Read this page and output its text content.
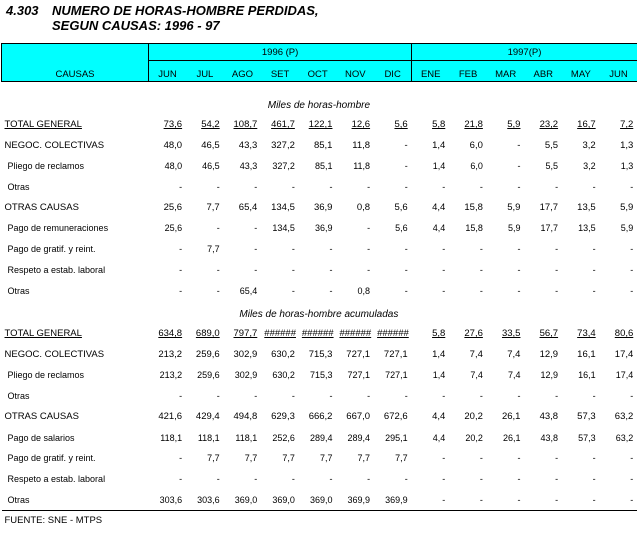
4.303 NUMERO DE HORAS-HOMBRE PERDIDAS,
SEGUN CAUSAS: 1996 - 97
CAUSAS	1996 (P)							1997(P)					
	JUN	JUL	AGO	SET	OCT	NOV	DIC	ENE	FEB	MAR	ABR	MAY	JUN

Miles de horas-hombre													
TOTAL GENERAL	73,6	54,2	108,7	461,7	122,1	12,6	5,6	5,8	21,8	5,9	23,2	16,7	7,2
NEGOC. COLECTIVAS	48,0	46,5	43,3	327,2	85,1	11,8	-	1,4	6,0	-	5,5	3,2	1,3
Pliego de reclamos	48,0	46,5	43,3	327,2	85,1	11,8	-	1,4	6,0	-	5,5	3,2	1,3
Otras	-	-	-	-	-	-	-	-	-	-	-	-	-
OTRAS CAUSAS	25,6	7,7	65,4	134,5	36,9	0,8	5,6	4,4	15,8	5,9	17,7	13,5	5,9
Pago de remuneraciones	25,6	-	-	134,5	36,9	-	5,6	4,4	15,8	5,9	17,7	13,5	5,9
Pago de gratif. y reint.	-	7,7	-	-	-	-	-	-	-	-	-	-	-
Respeto a estab. laboral	-	-	-	-	-	-	-	-	-	-	-	-	-
Otras	-	-	65,4	-	-	0,8	-	-	-	-	-	-	-

Miles de horas-hombre acumuladas													
TOTAL GENERAL	634,8	689,0	797,7	######	######	######	######	5,8	27,6	33,5	56,7	73,4	80,6
NEGOC. COLECTIVAS	213,2	259,6	302,9	630,2	715,3	727,1	727,1	1,4	7,4	7,4	12,9	16,1	17,4
Pliego de reclamos	213,2	259,6	302,9	630,2	715,3	727,1	727,1	1,4	7,4	7,4	12,9	16,1	17,4
Otras	-	-	-	-	-	-	-	-	-	-	-	-	-
OTRAS CAUSAS	421,6	429,4	494,8	629,3	666,2	667,0	672,6	4,4	20,2	26,1	43,8	57,3	63,2
Pago de salarios	118,1	118,1	118,1	252,6	289,4	289,4	295,1	4,4	20,2	26,1	43,8	57,3	63,2
Pago de gratif. y reint.	-	7,7	7,7	7,7	7,7	7,7	7,7	-	-	-	-	-	-
Respeto a estab. laboral	-	-	-	-	-	-	-	-	-	-	-	-	-
Otras	303,6	303,6	369,0	369,0	369,0	369,9	369,9	-	-	-	-	-	-
FUENTE: SNE - MTPS													
